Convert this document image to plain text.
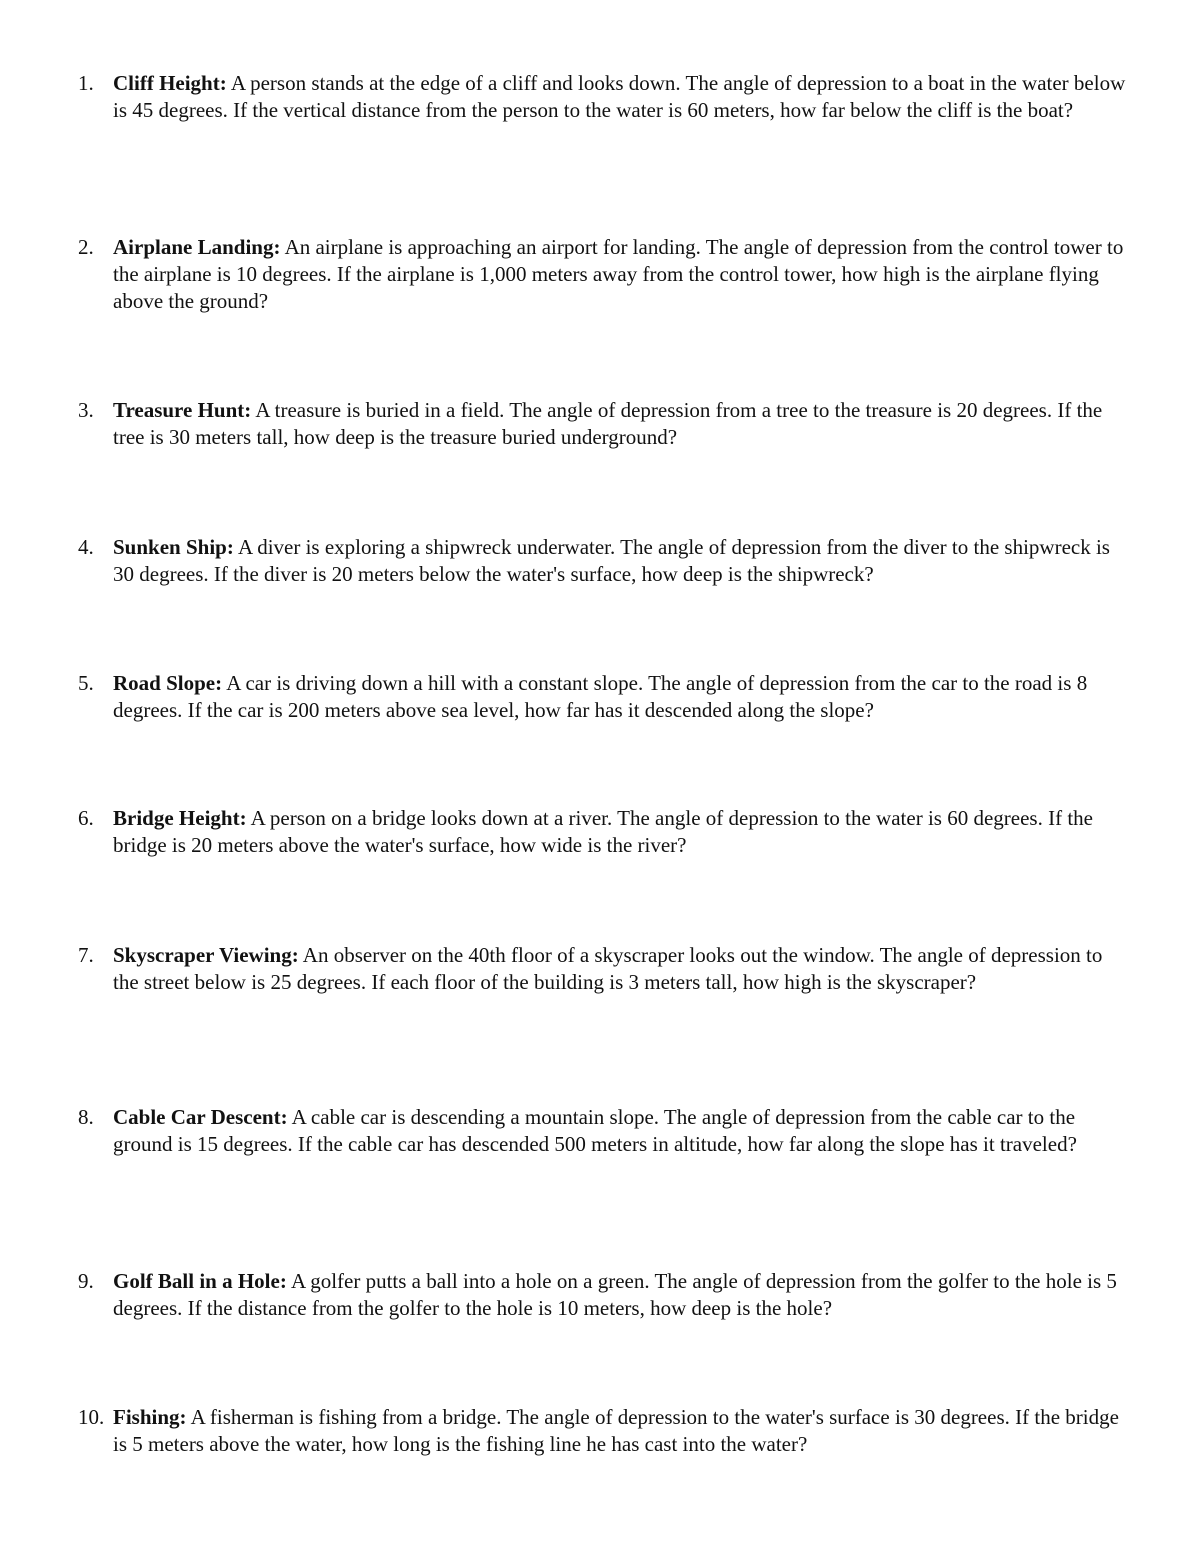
1. Cliff Height: A person stands at the edge of a cliff and looks down. The angle of depression to a boat in the water below is 45 degrees. If the vertical distance from the person to the water is 60 meters, how far below the cliff is the boat?
2. Airplane Landing: An airplane is approaching an airport for landing. The angle of depression from the control tower to the airplane is 10 degrees. If the airplane is 1,000 meters away from the control tower, how high is the airplane flying above the ground?
3. Treasure Hunt: A treasure is buried in a field. The angle of depression from a tree to the treasure is 20 degrees. If the tree is 30 meters tall, how deep is the treasure buried underground?
4. Sunken Ship: A diver is exploring a shipwreck underwater. The angle of depression from the diver to the shipwreck is 30 degrees. If the diver is 20 meters below the water's surface, how deep is the shipwreck?
5. Road Slope: A car is driving down a hill with a constant slope. The angle of depression from the car to the road is 8 degrees. If the car is 200 meters above sea level, how far has it descended along the slope?
6. Bridge Height: A person on a bridge looks down at a river. The angle of depression to the water is 60 degrees. If the bridge is 20 meters above the water's surface, how wide is the river?
7. Skyscraper Viewing: An observer on the 40th floor of a skyscraper looks out the window. The angle of depression to the street below is 25 degrees. If each floor of the building is 3 meters tall, how high is the skyscraper?
8. Cable Car Descent: A cable car is descending a mountain slope. The angle of depression from the cable car to the ground is 15 degrees. If the cable car has descended 500 meters in altitude, how far along the slope has it traveled?
9. Golf Ball in a Hole: A golfer putts a ball into a hole on a green. The angle of depression from the golfer to the hole is 5 degrees. If the distance from the golfer to the hole is 10 meters, how deep is the hole?
10. Fishing: A fisherman is fishing from a bridge. The angle of depression to the water's surface is 30 degrees. If the bridge is 5 meters above the water, how long is the fishing line he has cast into the water?
